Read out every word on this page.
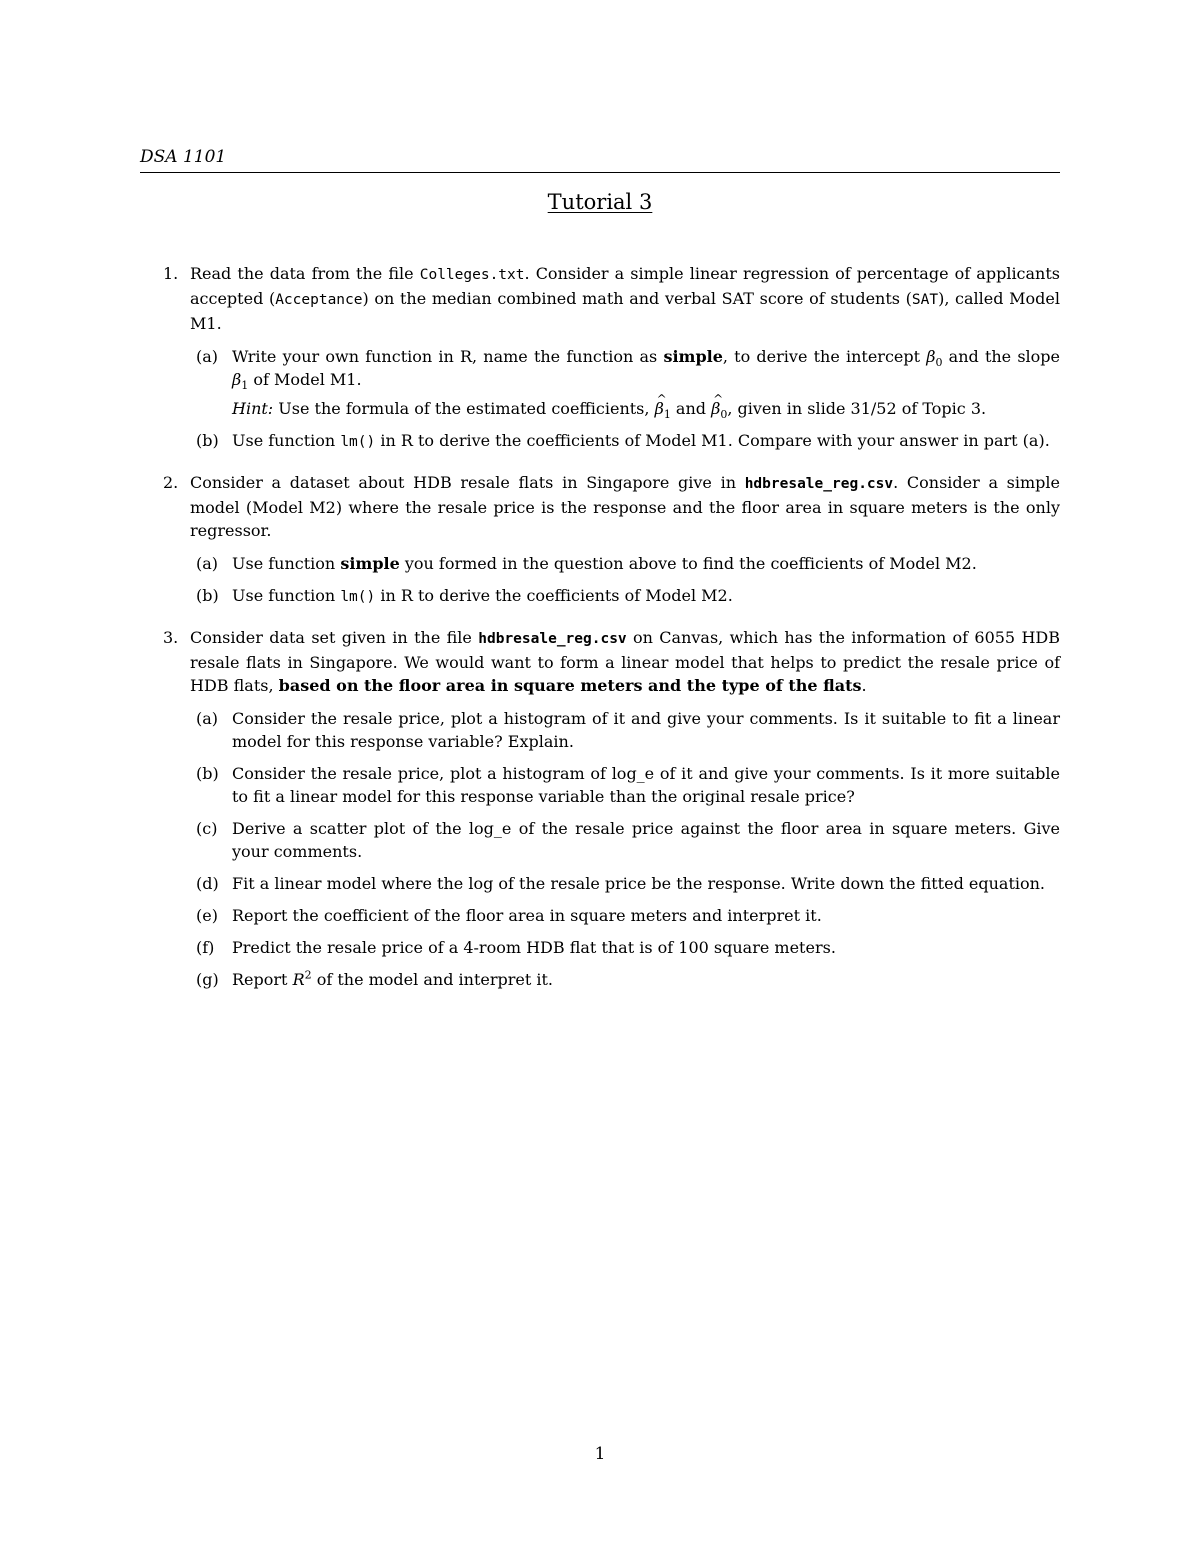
DSA 1101
Tutorial 3
1. Read the data from the file Colleges.txt. Consider a simple linear regression of percentage of applicants accepted (Acceptance) on the median combined math and verbal SAT score of students (SAT), called Model M1.
(a) Write your own function in R, name the function as simple, to derive the intercept $\beta_0$ and the slope $\beta_1$ of Model M1.
Hint: Use the formula of the estimated coefficients, ^ $\beta_1$ and ^ $\beta_0$, given in slide 31/52 of Topic 3.
(b) Use function lm() in R to derive the coefficients of Model M1. Compare with your answer in part (a).
2. Consider a dataset about HDB resale flats in Singapore give in hdbresale_reg.csv. Consider a simple model (Model M2) where the resale price is the response and the floor area in square meters is the only regressor.
(a) Use function simple you formed in the question above to find the coefficients of Model M2.
(b) Use function lm() in R to derive the coefficients of Model M2.
3. Consider data set given in the file hdbresale_reg.csv on Canvas, which has the information of 6055 HDB resale flats in Singapore. We would want to form a linear model that helps to predict the resale price of HDB flats, based on the floor area in square meters and the type of the flats.
(a) Consider the resale price, plot a histogram of it and give your comments. Is it suitable to fit a linear model for this response variable? Explain.
(b) Consider the resale price, plot a histogram of log_e of it and give your comments. Is it more suitable to fit a linear model for this response variable than the original resale price?
(c) Derive a scatter plot of the log_e of the resale price against the floor area in square meters. Give your comments.
(d) Fit a linear model where the log of the resale price be the response. Write down the fitted equation.
(e) Report the coefficient of the floor area in square meters and interpret it.
(f) Predict the resale price of a 4-room HDB flat that is of 100 square meters.
(g) Report $R^2$ of the model and interpret it.
1
